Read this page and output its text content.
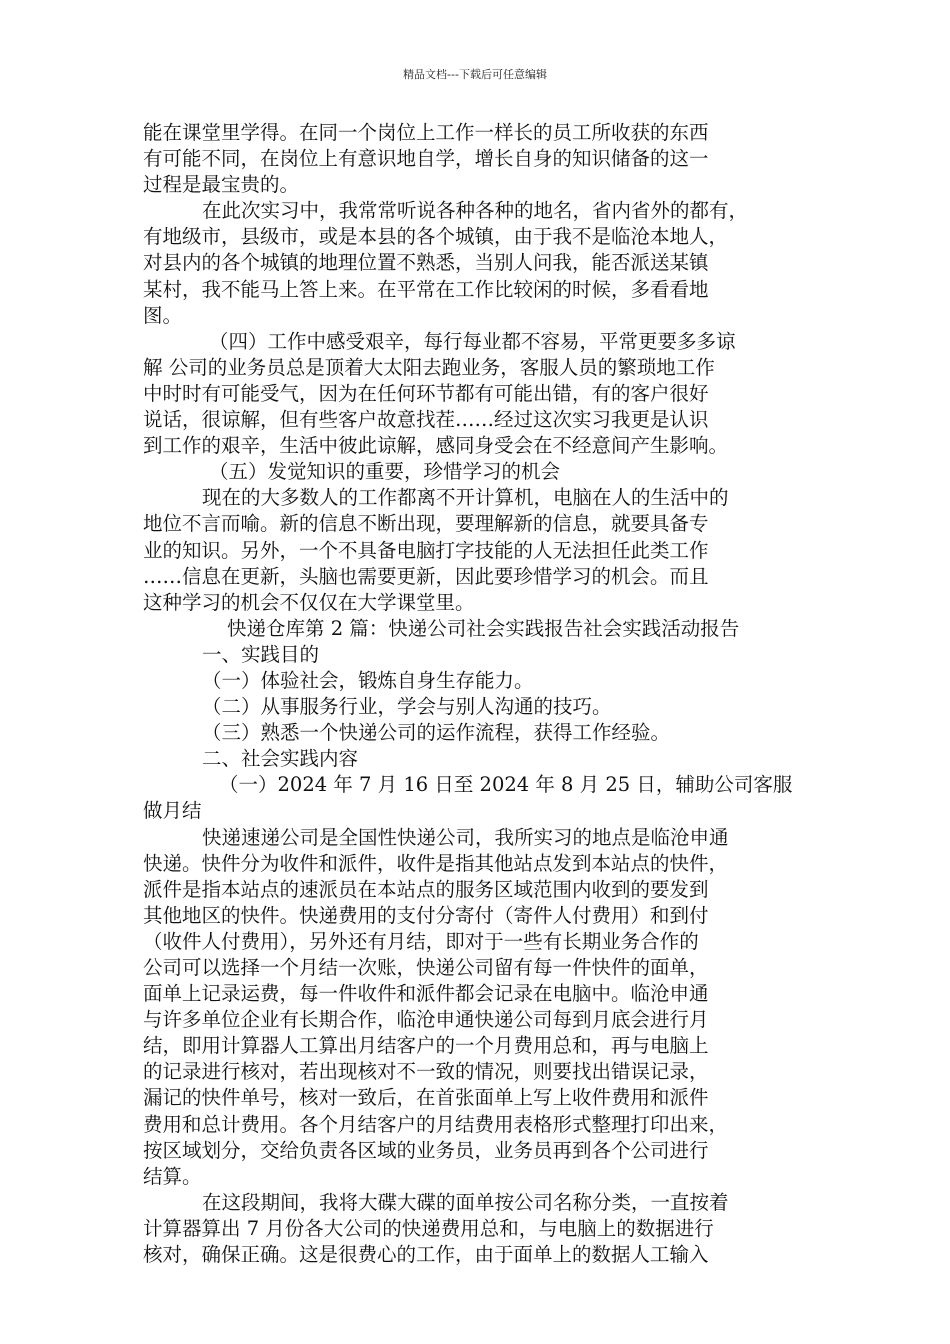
精品文档---下载后可任意编辑
能在课堂里学得。在同一个岗位上工作一样长的员工所收获的东西
有可能不同，在岗位上有意识地自学，增长自身的知识储备的这一
过程是最宝贵的。
在此次实习中，我常常听说各种各种的地名，省内省外的都有，
有地级市，县级市，或是本县的各个城镇，由于我不是临沧本地人，
对县内的各个城镇的地理位置不熟悉，当别人问我，能否派送某镇
某村，我不能马上答上来。在平常在工作比较闲的时候，多看看地
图。
（四）工作中感受艰辛，每行每业都不容易，平常更要多多谅
解 公司的业务员总是顶着大太阳去跑业务，客服人员的繁琐地工作
中时时有可能受气，因为在任何环节都有可能出错，有的客户很好
说话，很谅解，但有些客户故意找茬……经过这次实习我更是认识
到工作的艰辛，生活中彼此谅解，感同身受会在不经意间产生影响。
（五）发觉知识的重要，珍惜学习的机会
现在的大多数人的工作都离不开计算机，电脑在人的生活中的
地位不言而喻。新的信息不断出现，要理解新的信息，就要具备专
业的知识。另外，一个不具备电脑打字技能的人无法担任此类工作
……信息在更新，头脑也需要更新，因此要珍惜学习的机会。而且
这种学习的机会不仅仅在大学课堂里。
快递仓库第 2 篇：快递公司社会实践报告社会实践活动报告
一、实践目的
（一）体验社会，锻炼自身生存能力。
（二）从事服务行业，学会与别人沟通的技巧。
（三）熟悉一个快递公司的运作流程，获得工作经验。
二、社会实践内容
（一）2024 年 7 月 16 日至 2024 年 8 月 25 日，辅助公司客服
做月结
快递速递公司是全国性快递公司，我所实习的地点是临沧申通
快递。快件分为收件和派件，收件是指其他站点发到本站点的快件，
派件是指本站点的速派员在本站点的服务区域范围内收到的要发到
其他地区的快件。快递费用的支付分寄付（寄件人付费用）和到付
（收件人付费用），另外还有月结，即对于一些有长期业务合作的
公司可以选择一个月结一次账，快递公司留有每一件快件的面单，
面单上记录运费，每一件收件和派件都会记录在电脑中。临沧申通
与许多单位企业有长期合作，临沧申通快递公司每到月底会进行月
结，即用计算器人工算出月结客户的一个月费用总和，再与电脑上
的记录进行核对，若出现核对不一致的情况，则要找出错误记录，
漏记的快件单号，核对一致后，在首张面单上写上收件费用和派件
费用和总计费用。各个月结客户的月结费用表格形式整理打印出来，
按区域划分，交给负责各区域的业务员，业务员再到各个公司进行
结算。
在这段期间，我将大碟大碟的面单按公司名称分类，一直按着
计算器算出 7 月份各大公司的快递费用总和，与电脑上的数据进行
核对，确保正确。这是很费心的工作，由于面单上的数据人工输入
